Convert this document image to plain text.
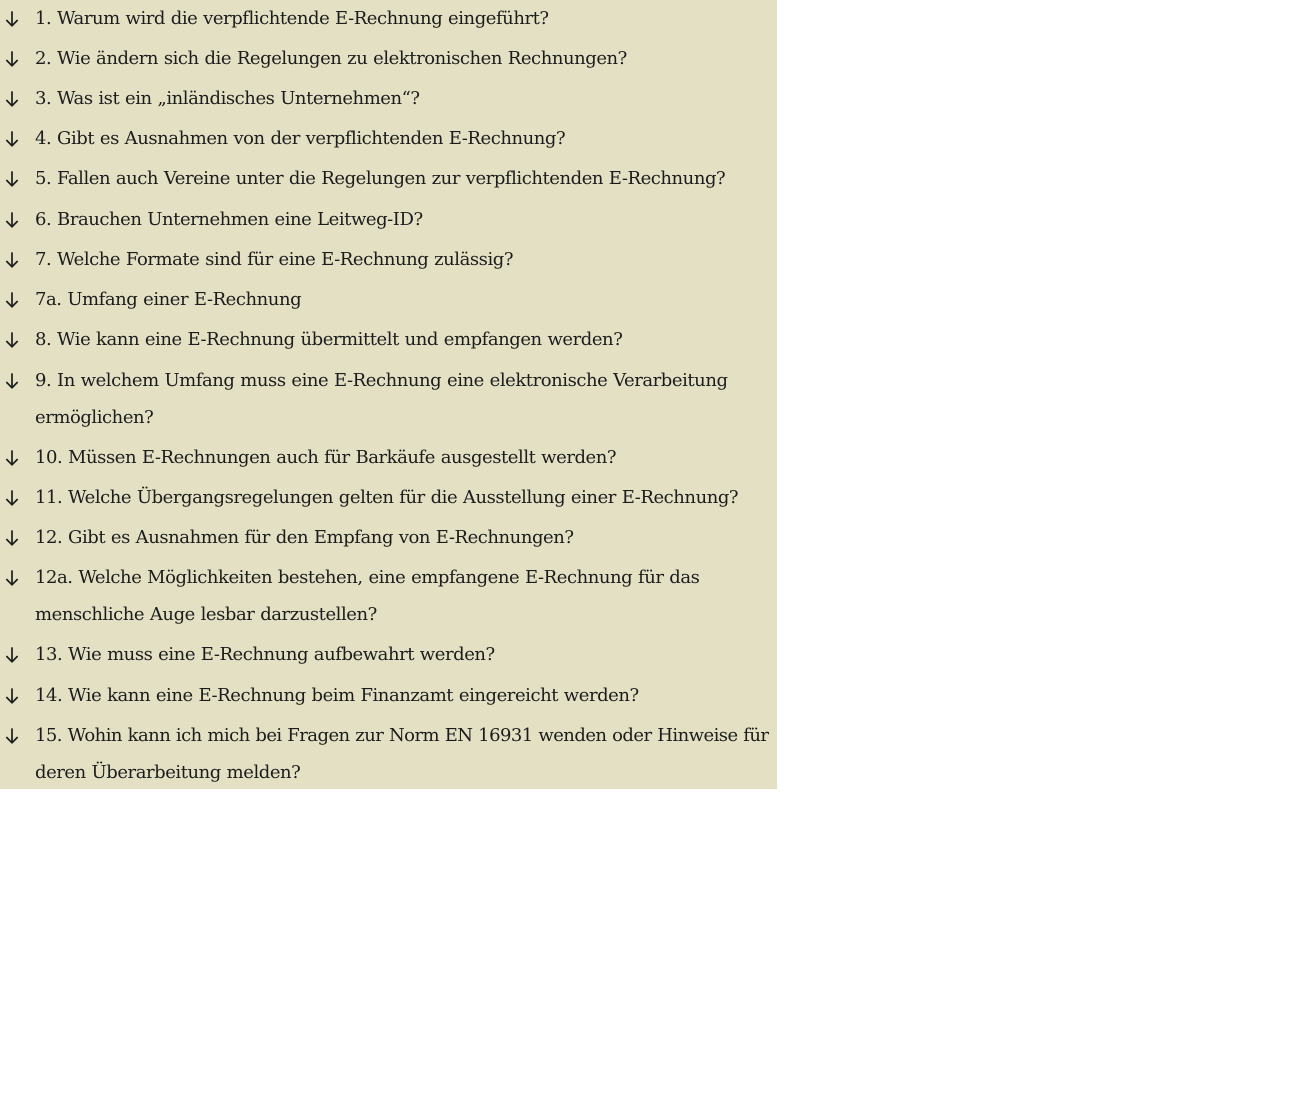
1. Warum wird die verpflichtende E-Rechnung eingeführt?
2. Wie ändern sich die Regelungen zu elektronischen Rechnungen?
3. Was ist ein „inländisches Unternehmen“?
4. Gibt es Ausnahmen von der verpflichtenden E-Rechnung?
5. Fallen auch Vereine unter die Regelungen zur verpflichtenden E-Rechnung?
6. Brauchen Unternehmen eine Leitweg-ID?
7. Welche Formate sind für eine E-Rechnung zulässig?
7a. Umfang einer E-Rechnung
8. Wie kann eine E-Rechnung übermittelt und empfangen werden?
9. In welchem Umfang muss eine E-Rechnung eine elektronische Verarbeitung
ermöglichen?
10. Müssen E-Rechnungen auch für Barkäufe ausgestellt werden?
11. Welche Übergangsregelungen gelten für die Ausstellung einer E-Rechnung?
12. Gibt es Ausnahmen für den Empfang von E-Rechnungen?
12a. Welche Möglichkeiten bestehen, eine empfangene E-Rechnung für das
menschliche Auge lesbar darzustellen?
13. Wie muss eine E-Rechnung aufbewahrt werden?
14. Wie kann eine E-Rechnung beim Finanzamt eingereicht werden?
15. Wohin kann ich mich bei Fragen zur Norm EN 16931 wenden oder Hinweise für
deren Überarbeitung melden?
